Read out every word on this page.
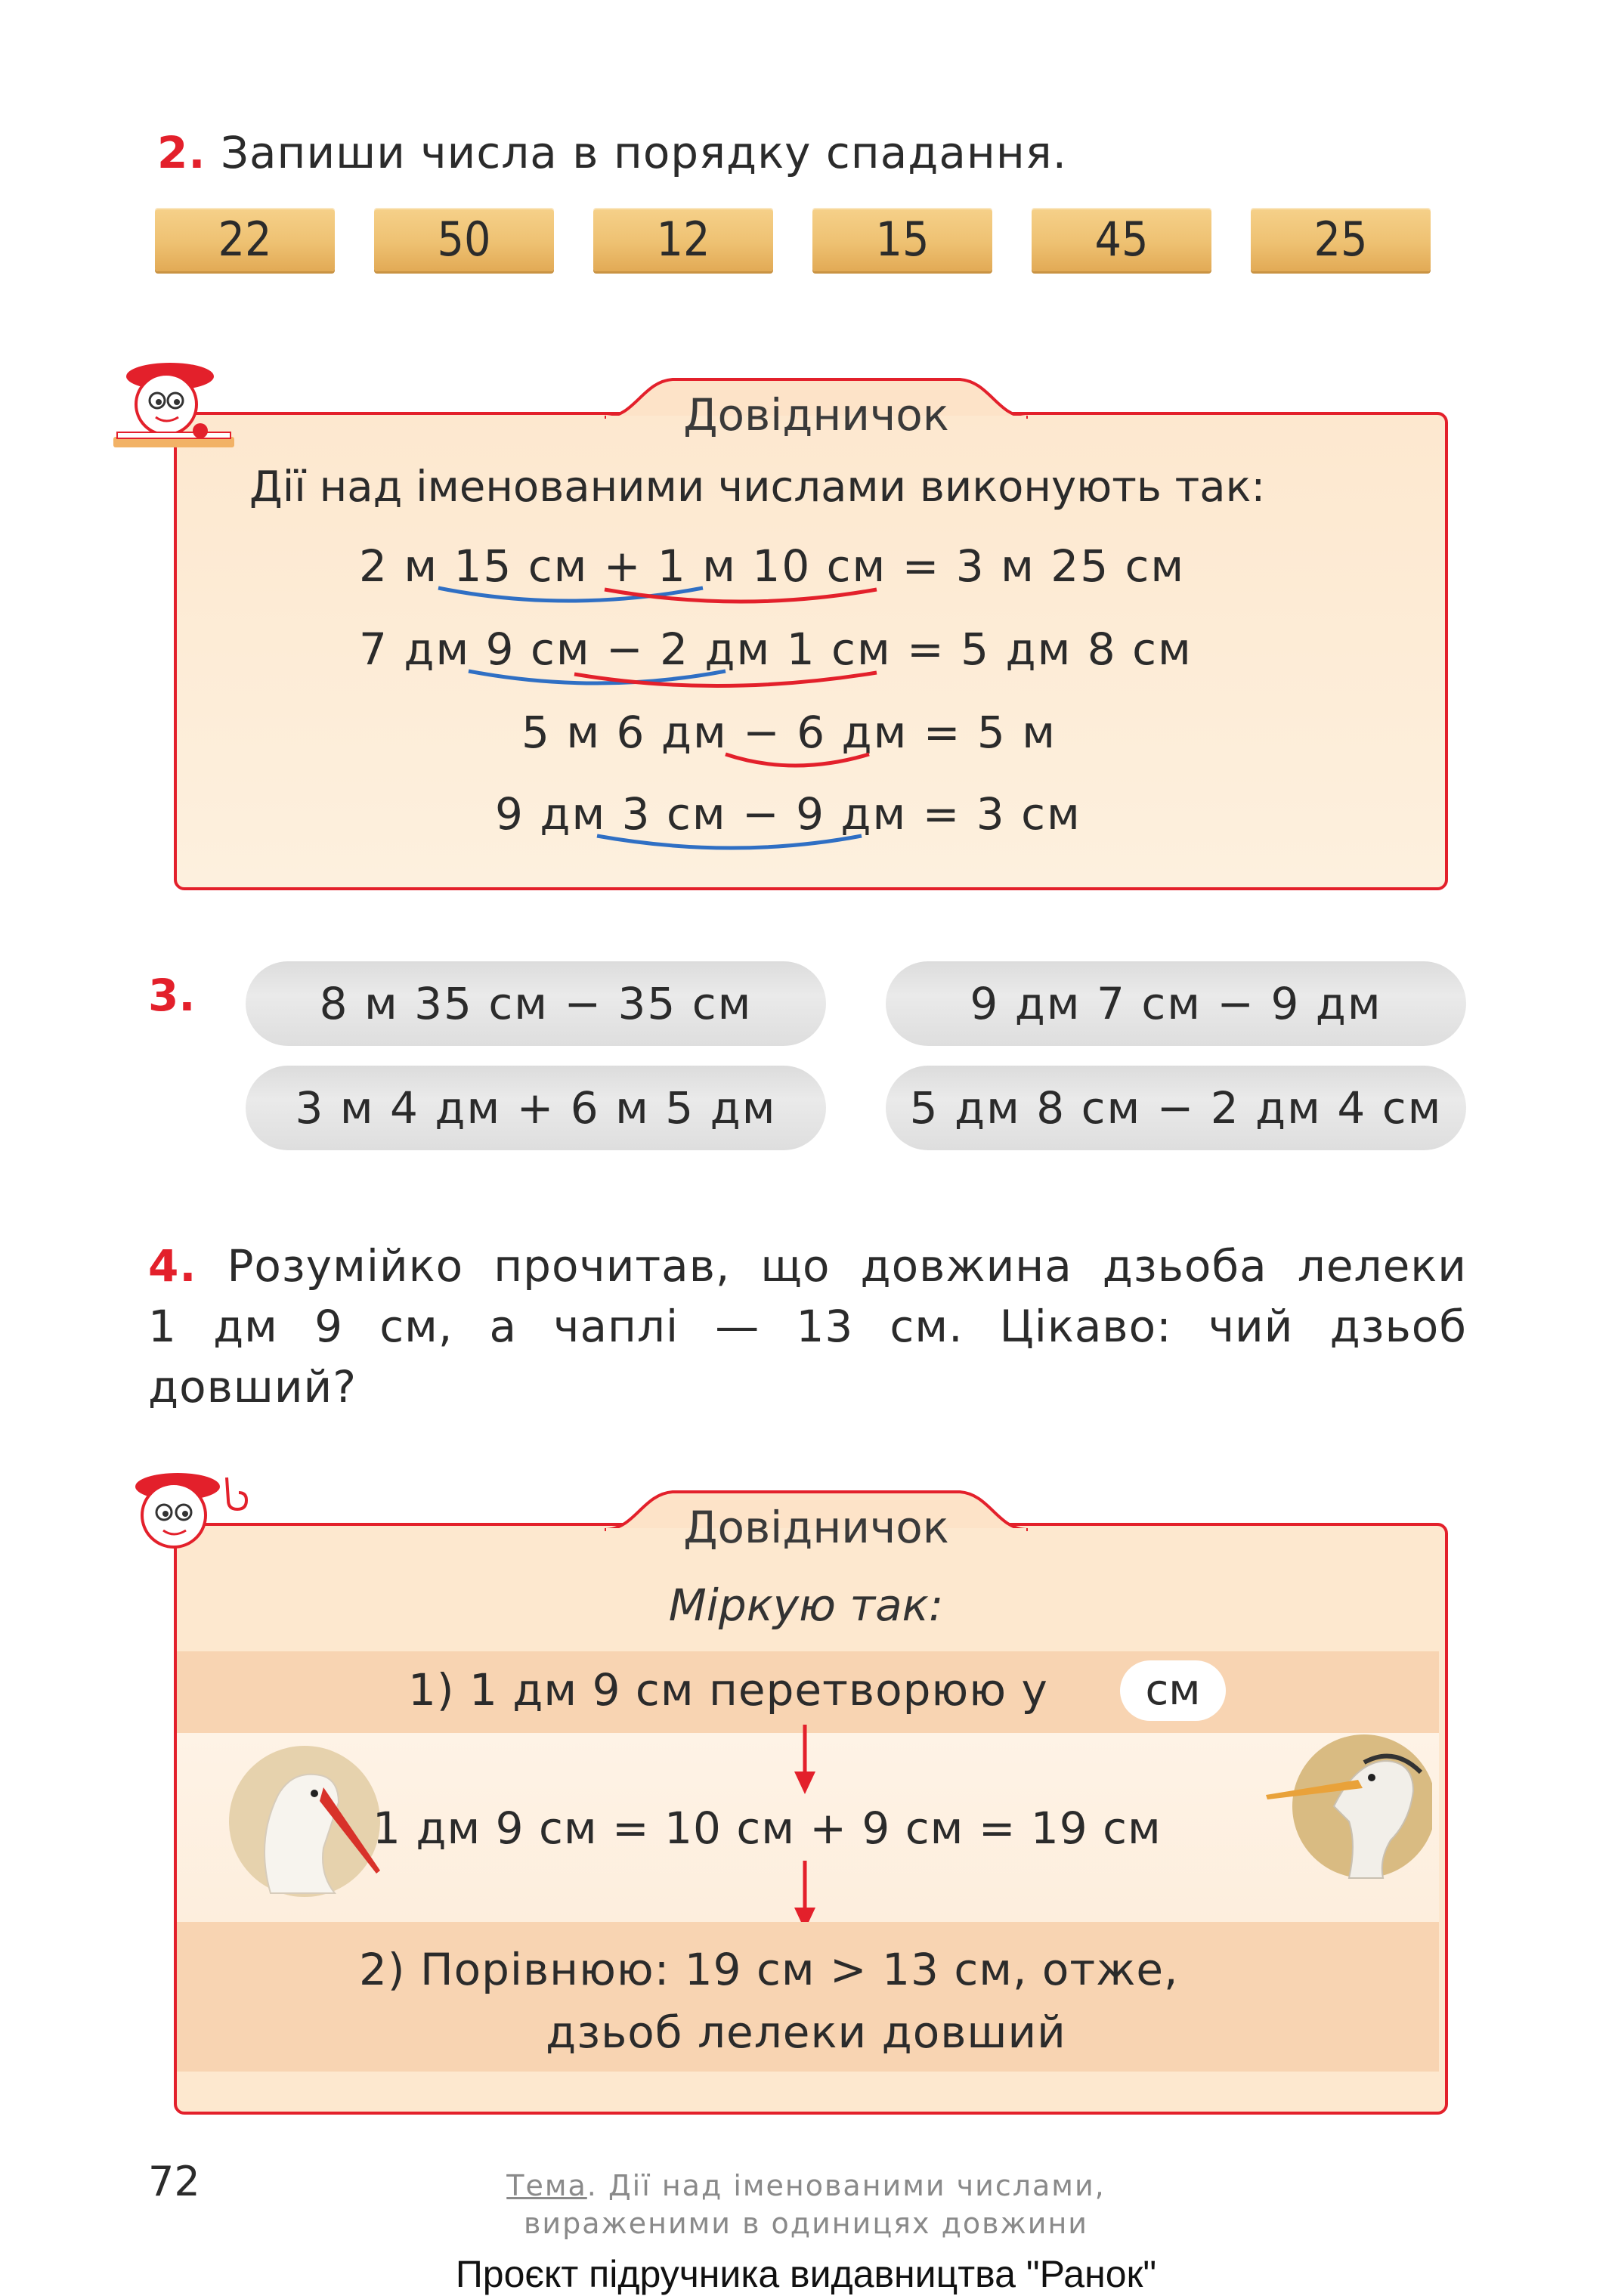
2. Запиши числа в порядку спадання.
22	50	12	15	45	25
Довідничок
Дії над іменованими числами виконують так:
2 м 15 см + 1 м 10 см = 3 м 25 см
7 дм 9 см − 2 дм 1 см = 5 дм 8 см
5 м 6 дм − 6 дм = 5 м
9 дм 3 см − 9 дм = 3 см
3.	8 м 35 см − 35 см	9 дм 7 см − 9 дм
3 м 4 дм + 6 м 5 дм	5 дм 8 см − 2 дм 4 см
4. Розумійко прочитав, що довжина дзьоба лелеки
1 дм 9 см, а чаплі — 13 см. Цікаво: чий дзьоб
довший?
Довідничок
Міркую так:
1) 1 дм 9 см перетворюю у	см
1 дм 9 см = 10 см + 9 см = 19 см
2) Порівнюю: 19 см > 13 см, отже,
дзьоб лелеки довший
72	Тема. Дії над іменованими числами,
вираженими в одиницях довжини
Проєкт підручника видавництва "Ранок"
